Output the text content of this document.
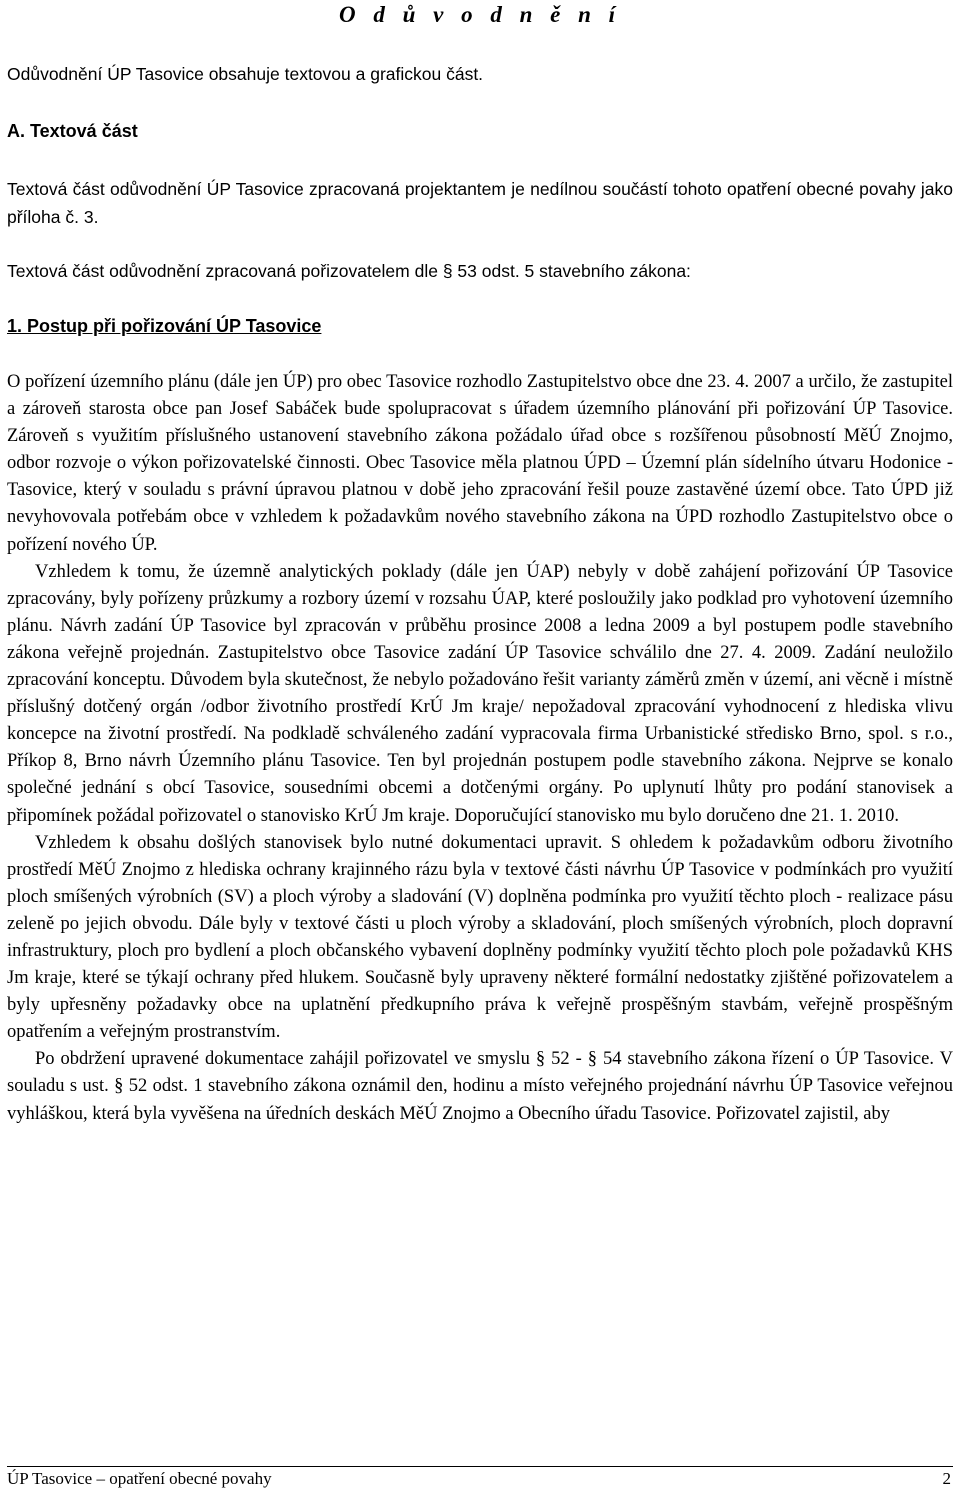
O d ů v o d n ě n í

Odůvodnění ÚP Tasovice obsahuje textovou a grafickou část.

A. Textová část

Textová část odůvodnění ÚP Tasovice zpracovaná projektantem je nedílnou součástí tohoto opatření obecné povahy jako příloha č. 3.

Textová část odůvodnění zpracovaná pořizovatelem dle § 53 odst. 5 stavebního zákona:

1. Postup při pořizování ÚP Tasovice

O pořízení územního plánu (dále jen ÚP) pro obec Tasovice rozhodlo Zastupitelstvo obce dne 23. 4. 2007 a určilo, že zastupitel a zároveň starosta obce pan Josef Sabáček bude spolupracovat s úřadem územního plánování při pořizování ÚP Tasovice. Zároveň s využitím příslušného ustanovení stavebního zákona požádalo úřad obce s rozšířenou působností MěÚ Znojmo, odbor rozvoje o výkon pořizovatelské činnosti. Obec Tasovice měla platnou ÚPD – Územní plán sídelního útvaru Hodonice - Tasovice, který v souladu s právní úpravou platnou v době jeho zpracování řešil pouze zastavěné území obce. Tato ÚPD již nevyhovovala potřebám obce v vzhledem k požadavkům nového stavebního zákona na ÚPD rozhodlo Zastupitelstvo obce o pořízení nového ÚP.

Vzhledem k tomu, že územně analytických poklady (dále jen ÚAP) nebyly v době zahájení pořizování ÚP Tasovice zpracovány, byly pořízeny průzkumy a rozbory území v rozsahu ÚAP, které posloužily jako podklad pro vyhotovení územního plánu. Návrh zadání ÚP Tasovice byl zpracován v průběhu prosince 2008 a ledna 2009 a byl postupem podle stavebního zákona veřejně projednán. Zastupitelstvo obce Tasovice zadání ÚP Tasovice schválilo dne 27. 4. 2009. Zadání neuložilo zpracování konceptu. Důvodem byla skutečnost, že nebylo požadováno řešit varianty záměrů změn v území, ani věcně i místně příslušný dotčený orgán /odbor životního prostředí KrÚ Jm kraje/ nepožadoval zpracování vyhodnocení z hlediska vlivu koncepce na životní prostředí. Na podkladě schváleného zadání vypracovala firma Urbanistické středisko Brno, spol. s r.o., Příkop 8, Brno návrh Územního plánu Tasovice. Ten byl projednán postupem podle stavebního zákona. Nejprve se konalo společné jednání s obcí Tasovice, sousedními obcemi a dotčenými orgány. Po uplynutí lhůty pro podání stanovisek a připomínek požádal pořizovatel o stanovisko KrÚ Jm kraje. Doporučující stanovisko mu bylo doručeno dne 21. 1. 2010.

Vzhledem k obsahu došlých stanovisek bylo nutné dokumentaci upravit. S ohledem k požadavkům odboru životního prostředí MěÚ Znojmo z hlediska ochrany krajinného rázu byla v textové části návrhu ÚP Tasovice v podmínkách pro využití ploch smíšených výrobních (SV) a ploch výroby a sladování (V) doplněna podmínka pro využití těchto ploch - realizace pásu zeleně po jejich obvodu. Dále byly v textové části u ploch výroby a skladování, ploch smíšených výrobních, ploch dopravní infrastruktury, ploch pro bydlení a ploch občanského vybavení doplněny podmínky využití těchto ploch pole požadavků KHS Jm kraje, které se týkají ochrany před hlukem. Současně byly upraveny některé formální nedostatky zjištěné pořizovatelem a byly upřesněny požadavky obce na uplatnění předkupního práva k veřejně prospěšným stavbám, veřejně prospěšným opatřením a veřejným prostranstvím.

Po obdržení upravené dokumentace zahájil pořizovatel ve smyslu § 52 - § 54 stavebního zákona řízení o ÚP Tasovice. V souladu s ust. § 52 odst. 1 stavebního zákona oznámil den, hodinu a místo veřejného projednání návrhu ÚP Tasovice veřejnou vyhláškou, která byla vyvěšena na úředních deskách MěÚ Znojmo a Obecního úřadu Tasovice. Pořizovatel zajistil, aby

ÚP Tasovice – opatření obecné povahy	2
